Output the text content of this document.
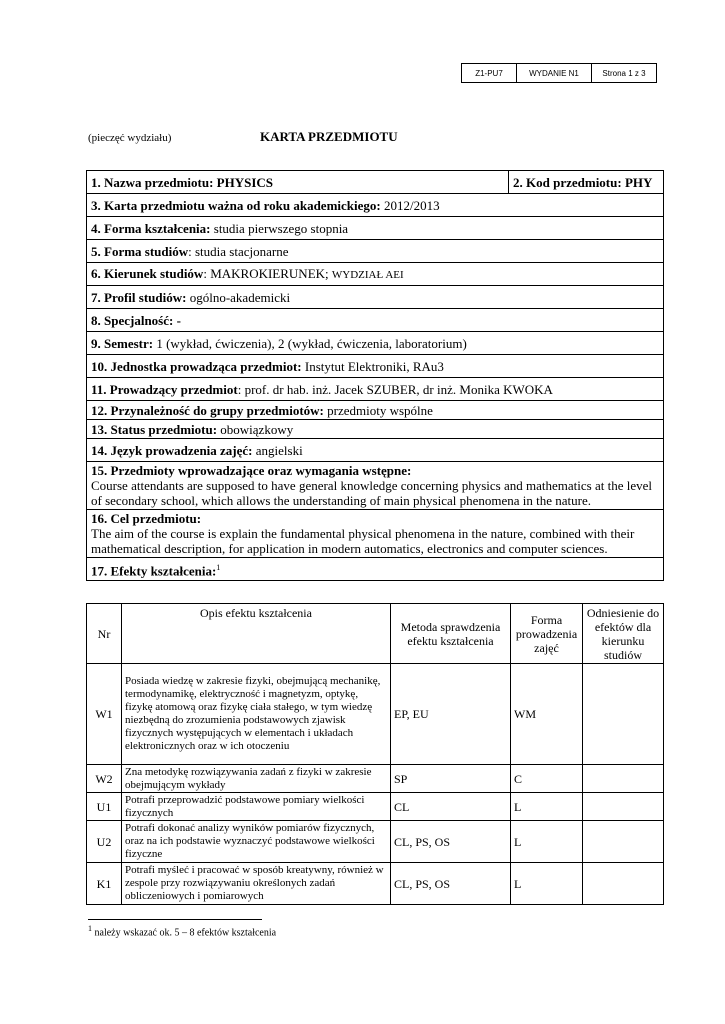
Z1-PU7	WYDANIE N1	Strona 1 z 3
(pieczęć wydziału)	KARTA PRZEDMIOTU
1. Nazwa przedmiotu: PHYSICS	2. Kod przedmiotu: PHY
3. Karta przedmiotu ważna od roku akademickiego: 2012/2013
4. Forma kształcenia: studia pierwszego stopnia
5. Forma studiów: studia stacjonarne
6. Kierunek studiów: MAKROKIERUNEK; WYDZIAŁ AEI
7. Profil studiów: ogólno-akademicki
8. Specjalność: -
9. Semestr: 1 (wykład, ćwiczenia), 2 (wykład, ćwiczenia, laboratorium)
10. Jednostka prowadząca przedmiot: Instytut Elektroniki, RAu3
11. Prowadzący przedmiot: prof. dr hab. inż. Jacek SZUBER, dr inż. Monika KWOKA
12. Przynależność do grupy przedmiotów: przedmioty wspólne
13. Status przedmiotu: obowiązkowy
14. Język prowadzenia zajęć: angielski
15. Przedmioty wprowadzające oraz wymagania wstępne:
Course attendants are supposed to have general knowledge concerning physics and mathematics at the level of secondary school, which allows the understanding of main physical phenomena in the nature.
16. Cel przedmiotu:
The aim of the course is explain the fundamental physical phenomena in the nature, combined with their mathematical description, for application in modern automatics, electronics and computer sciences.
17. Efekty kształcenia:$^1$
Nr	Opis efektu kształcenia	Metoda sprawdzenia efektu kształcenia	Forma prowadzenia zajęć	Odniesienie do efektów dla kierunku studiów
W1	Posiada wiedzę w zakresie fizyki, obejmującą mechanikę, termodynamikę, elektryczność i magnetyzm, optykę, fizykę atomową oraz fizykę ciała stałego, w tym wiedzę niezbędną do zrozumienia podstawowych zjawisk fizycznych występujących w elementach i układach elektronicznych oraz w ich otoczeniu	EP, EU	WM	
W2	Zna metodykę rozwiązywania zadań z fizyki w zakresie obejmującym wykłady	SP	C	
U1	Potrafi przeprowadzić podstawowe pomiary wielkości fizycznych	CL	L	
U2	Potrafi dokonać analizy wyników pomiarów fizycznych, oraz na ich podstawie wyznaczyć podstawowe wielkości fizyczne	CL, PS, OS	L	
K1	Potrafi myśleć i pracować w sposób kreatywny, również w zespole przy rozwiązywaniu określonych zadań obliczeniowych i pomiarowych	CL, PS, OS	L	
$^1$ należy wskazać ok. 5 – 8 efektów kształcenia
